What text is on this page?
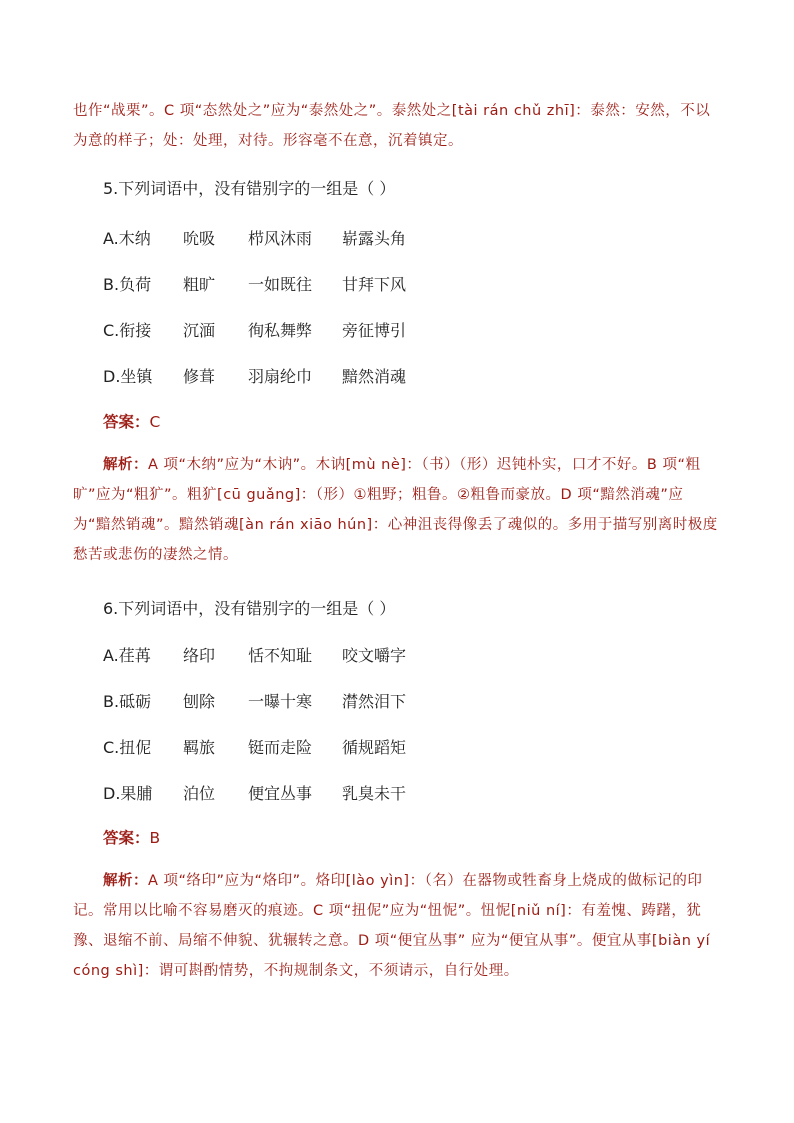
也作“战栗”。C 项“态然处之”应为“泰然处之”。泰然处之[tài rán chǔ zhī]：泰然：安然，不以为意的样子；处：处理，对待。形容毫不在意，沉着镇定。

5.下列词语中，没有错别字的一组是（ ）

A.木纳 吮吸 栉风沐雨 崭露头角
B.负荷 粗旷 一如既往 甘拜下风
C.衔接 沉湎 徇私舞弊 旁征博引
D.坐镇 修葺 羽扇纶巾 黯然消魂

答案：C

解析：A 项“木纳”应为“木讷”。木讷[mù nè]：（书）（形）迟钝朴实，口才不好。B 项“粗旷”应为“粗犷”。粗犷[cū guǎng]：（形）①粗野；粗鲁。②粗鲁而豪放。D 项“黯然消魂”应为“黯然销魂”。黯然销魂[àn rán xiāo hún]：心神沮丧得像丢了魂似的。多用于描写别离时极度愁苦或悲伤的凄然之情。

6.下列词语中，没有错别字的一组是（ ）

A.荏苒 络印 恬不知耻 咬文嚼字
B.砥砺 刨除 一曝十寒 潸然泪下
C.扭伲 羁旅 铤而走险 循规蹈矩
D.果脯 泊位 便宜丛事 乳臭未干

答案：B

解析：A 项“络印”应为“烙印”。烙印[lào yìn]：（名）在器物或牲畜身上烧成的做标记的印记。常用以比喻不容易磨灭的痕迹。C 项“扭伲”应为“忸怩”。忸怩[niǔ ní]：有羞愧、踌躇，犹豫、退缩不前、局缩不伸貌、犹辗转之意。D 项“便宜丛事” 应为“便宜从事”。便宜从事[biàn yí cóng shì]：谓可斟酌情势，不拘规制条文，不须请示，自行处理。
